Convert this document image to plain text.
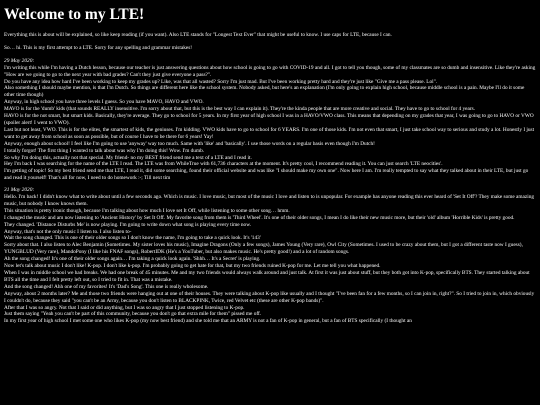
Welcome to my LTE!

Everything this is about will be explained, so like keep reading (if you want). Also LTE stands for "Longest Text Ever" that might be useful to know. I use caps for LTE, because I can.

So… hi. This is my first attempt to a LTE. Sorry for any spelling and grammar mistakes!

29 May 2020:

I'm writing this while I'm having a Dutch lesson, because our teacher is just answering questions about how school is going to go with COVID-19 and all. I got to tell you though, some of my classmates are so dumb and insensitive. Like they're asking "How are we going to go to the next year with bad grades? Can't they just give everyone a pass?".

Do you have any idea how hard I've been working to keep my grades up? Like, was that all wasted? Sorry I'm just mad. But I've been working pretty hard and they're just like "Give me a pass please. Lol".

Also something I should maybe mention, is that I'm Dutch. So things are different here like the school system. Nobody asked, but here's an explanation (I'm only going to explain high school, because middle school is a pain. Maybe I'll do it some other time though)

Anyway, in high school you have three levels I guess. So you have MAVO, HAVO and VWO.

MAVO is for the 'dumb' kids (that sounds REALLY insensitive. I'm sorry about that, but this is the best way I can explain it). They're the kinda people that are more creative and social. They have to go to school for 4 years.

HAVO is for the not smart, but smart kids. Basically, they're average. They go to school for 5 years. In my first year of high school I was in a HAVO/VWO class. This means that depending on my grades that year, I was going to go to HAVO or VWO (spoiler alert! I went to VWO).

Last but not least, VWO. This is for the elites, the smartest of kids, the geniuses. I'm kidding. VWO kids have to go to school for 6 YEARS. I'm one of those kids. I'm not even that smart, I just take school way to serious and study a lot. Honestly I just want to get away from school as soon as possible, but of course I have to be there for 6 years! Yay!

Anyway, enough about school! I feel like I'm going to use 'anyway' way too much. Same with 'like' and 'basically'. I use those words on a regular basis even though I'm Dutch!

I totally forgot! The first thing I wanted to talk about was why I'm doing this! Wow. I'm dumb.

So why I'm doing this, actually not that special. My friend- no my BEST friend send me a text of a LTE and I read it.

Hey I'm back I was searching for the name of the LTE I read. The LTE was from WhileTrue with 61,736 characters at the moment. It's pretty cool, I recommend reading it. You can just search 'LTE neocities'.

I'm getting of topic! So my best friend send me that LTE, I read it, did some searching, found their official website and was like "I should make my own one". Now here I am. I'm really tempted to say what they talked about in their LTE, but just go and read it yourself! That's all for now, I need to do homework :-; Till next tim

31 May 2020:

Hello. I'm back! I didn't know what to write about until a few seconds ago. Which is music. I love music, but most of the music I love and listen to is unpopular. For example has anyone reading this ever heard of 'Set It Off'? They make some amazing music, but nobody I know knows them.

This situation is pretty ironic though, because I'm talking about how much I love set It Off, while listening to some other song… hmm.

I changed the music and am now listening to 'Ancient History' by Set It Off. My favorite song from them is 'Third Wheel'. It's one of their older songs, I mean I do like their new music more, but their 'old' album 'Horrible Kids' is pretty good.

They changed. 'Distance Disturbs Me' is now playing. I'm going to write down what song is playing every time now.

Anyway, that's not the only music I listen to. I also listen to-

Wait the song changed. This is one of their older songs so I don't know the name, I'm going to take a quick look. It's '143'

Sorry about that. I also listen to Alec Benjamin (Sometimes. My sister loves his music), Imagine Dragons (Only a few songs), James Young (Very rare), Owl City (Sometimes. I used to be crazy about them, but I got a different taste now I guess), YUNGBLUD (Very rare), MandoPony (I like his FNAF songs), RobertIDK (He's a YouTuber, but also makes music. He's pretty good!) and a lot of random songs.

Ah the song changed! It's one of their older songs again… I'm taking a quick look again. 'Shhh… It's a Secret' is playing.

Now let's talk about music I don't like! K-pop. I don't like k-pop. I'm probably going to get hate for that, but my two friends ruined K-pop for me. Let me tell you what happened.

When I was in middle school we had breaks. We had one break of 45 minutes. Me and my two friends would always walk around and just talk. At first it was just about stuff, but they both got into K-pop, specifically BTS. They started talking about BTS all the time and I felt pretty left out, so I tried to fit in. That was a mistake.

And the song changed! Ahh one of my favorites! It's 'Dad's Song'. This one is really wholesome.

Anyway, about 2 months later? Me and those two friends were hanging out at one of their houses. They were talking about K-pop like usually and I thought "I've been fan for a few months, so I can join in, right?". So I tried to join in, which obviously I couldn't do, because they said "you can't be an Army, because you don't listen to BLACKPINK, Twice, red Velvet etc (these are other K-pop bands)".

After that I was so angry. Not that I said or did anything, but I was so angry that I just stopped listening to K-pop.

Just them saying "Yeah you can't be part of this community, because you don't go that extra mile for them" pissed me off.

In my first year of high school I met some one who likes K-pop (my now best friend) and she told me that an ARMY is not a fan of K-pop in general, but a fan of BTS specifically (I thought an
